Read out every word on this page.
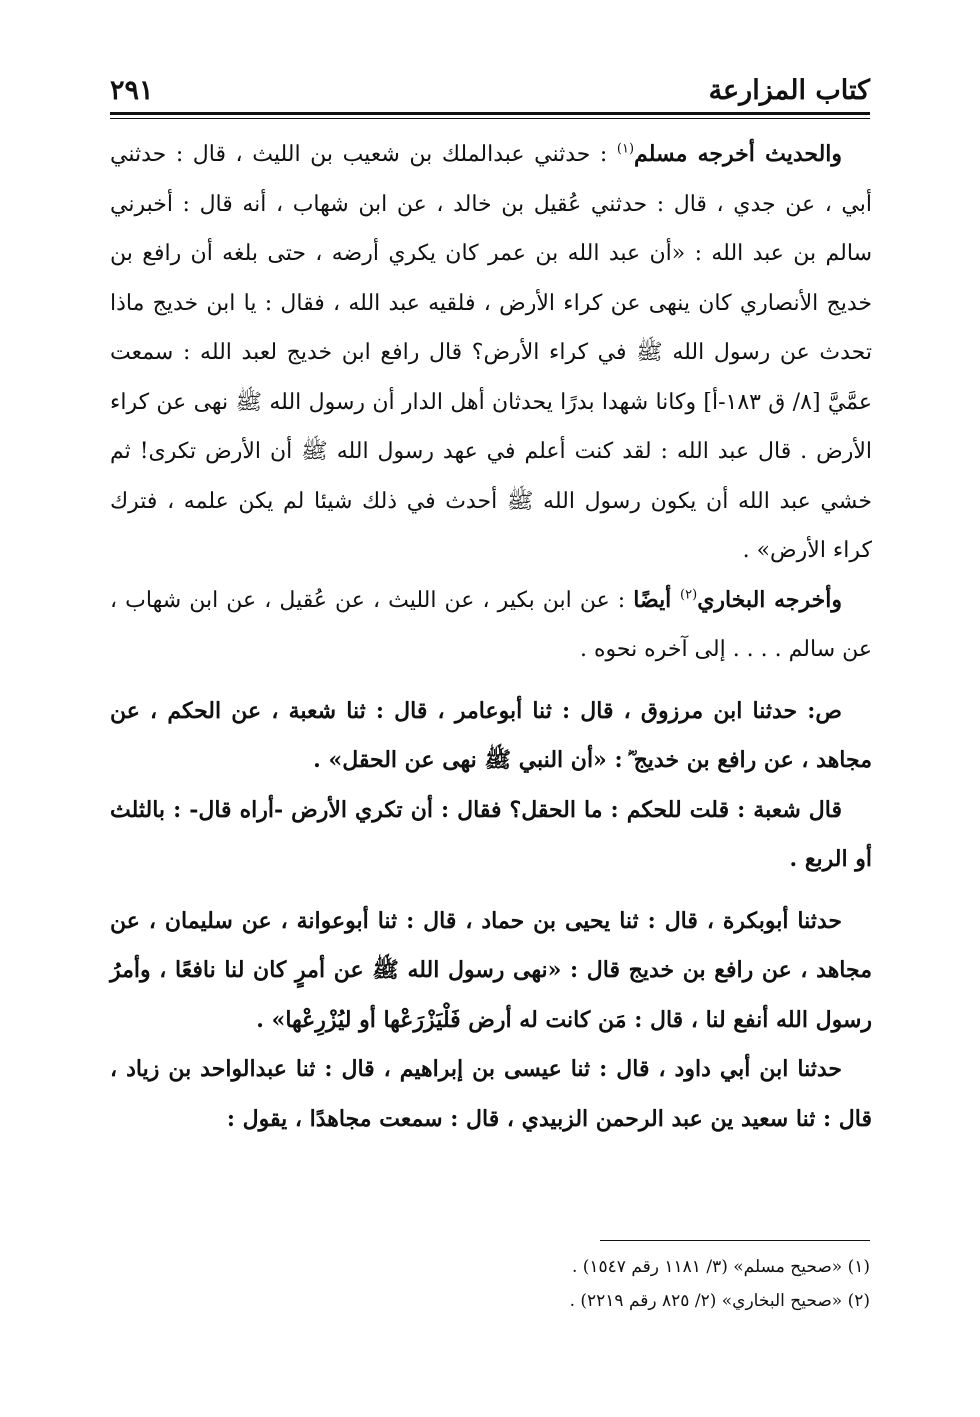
كتاب المزارعة
٢٩١

والحديث أخرجه مسلم$^{(١)}$ : حدثني عبدالملك بن شعيب بن الليث ، قال : حدثني أبي ، عن جدي ، قال : حدثني عُقيل بن خالد ، عن ابن شهاب ، أنه قال : أخبرني سالم بن عبد الله : «أن عبد الله بن عمر كان يكري أرضه ، حتى بلغه أن رافع بن خديج الأنصاري كان ينهى عن كراء الأرض ، فلقيه عبد الله ، فقال : يا ابن خديج ماذا تحدث عن رسول الله ﷺ في كراء الأرض؟ قال رافع ابن خديج لعبد الله : سمعت عمَّيَّ [٨/ ق ١٨٣-أ] وكانا شهدا بدرًا يحدثان أهل الدار أن رسول الله ﷺ نهى عن كراء الأرض . قال عبد الله : لقد كنت أعلم في عهد رسول الله ﷺ أن الأرض تكرى! ثم خشي عبد الله أن يكون رسول الله ﷺ أحدث في ذلك شيئا لم يكن علمه ، فترك كراء الأرض» .

وأخرجه البخاري$^{(٢)}$ أيضًا : عن ابن بكير ، عن الليث ، عن عُقيل ، عن ابن شهاب ، عن سالم . . . . إلى آخره نحوه .

ص: حدثنا ابن مرزوق ، قال : ثنا أبوعامر ، قال : ثنا شعبة ، عن الحكم ، عن مجاهد ، عن رافع بن خديج ؓ : «أن النبي ﷺ نهى عن الحقل» .

قال شعبة : قلت للحكم : ما الحقل؟ فقال : أن تكري الأرض -أراه قال- : بالثلث أو الربع .

حدثنا أبوبكرة ، قال : ثنا يحيى بن حماد ، قال : ثنا أبوعوانة ، عن سليمان ، عن مجاهد ، عن رافع بن خديج قال : «نهى رسول الله ﷺ عن أمرٍ كان لنا نافعًا ، وأمرُ رسول الله أنفع لنا ، قال : مَن كانت له أرض فَلْيَزْرَعْها أو ليُزْرِعْها» .

حدثنا ابن أبي داود ، قال : ثنا عيسى بن إبراهيم ، قال : ثنا عبدالواحد بن زياد ، قال : ثنا سعيد ين عبد الرحمن الزبيدي ، قال : سمعت مجاهدًا ، يقول :

(١) «صحيح مسلم» (٣/ ١١٨١ رقم ١٥٤٧) .

(٢) «صحيح البخاري» (٢/ ٨٢٥ رقم ٢٢١٩) .
